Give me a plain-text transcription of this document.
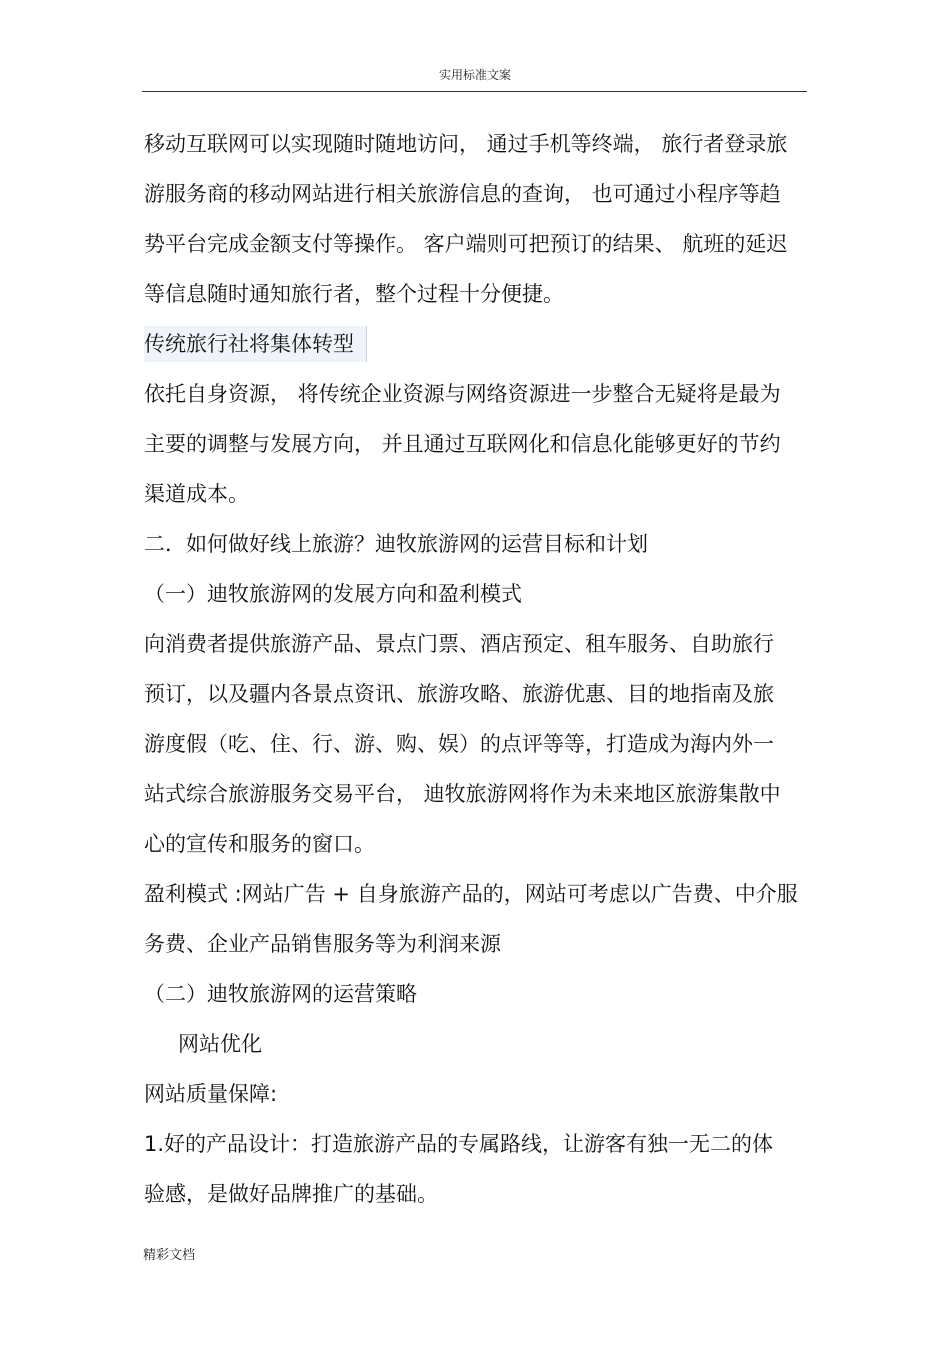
实用标准文案
移动互联网可以实现随时随地访问， 通过手机等终端， 旅行者登录旅
游服务商的移动网站进行相关旅游信息的查询， 也可通过小程序等趋
势平台完成金额支付等操作。 客户端则可把预订的结果、 航班的延迟
等信息随时通知旅行者，整个过程十分便捷。
传统旅行社将集体转型
依托自身资源， 将传统企业资源与网络资源进一步整合无疑将是最为
主要的调整与发展方向， 并且通过互联网化和信息化能够更好的节约
渠道成本。
二．如何做好线上旅游？迪牧旅游网的运营目标和计划
（一）迪牧旅游网的发展方向和盈利模式
向消费者提供旅游产品、景点门票、酒店预定、租车服务、自助旅行
预订，以及疆内各景点资讯、旅游攻略、旅游优惠、目的地指南及旅
游度假（吃、住、行、游、购、娱）的点评等等，打造成为海内外一
站式综合旅游服务交易平台， 迪牧旅游网将作为未来地区旅游集散中
心的宣传和服务的窗口。
盈利模式 :网站广告 + 自身旅游产品的，网站可考虑以广告费、中介服
务费、企业产品销售服务等为利润来源
（二）迪牧旅游网的运营策略
网站优化
网站质量保障:
1.好的产品设计：打造旅游产品的专属路线，让游客有独一无二的体
验感，是做好品牌推广的基础。
精彩文档
